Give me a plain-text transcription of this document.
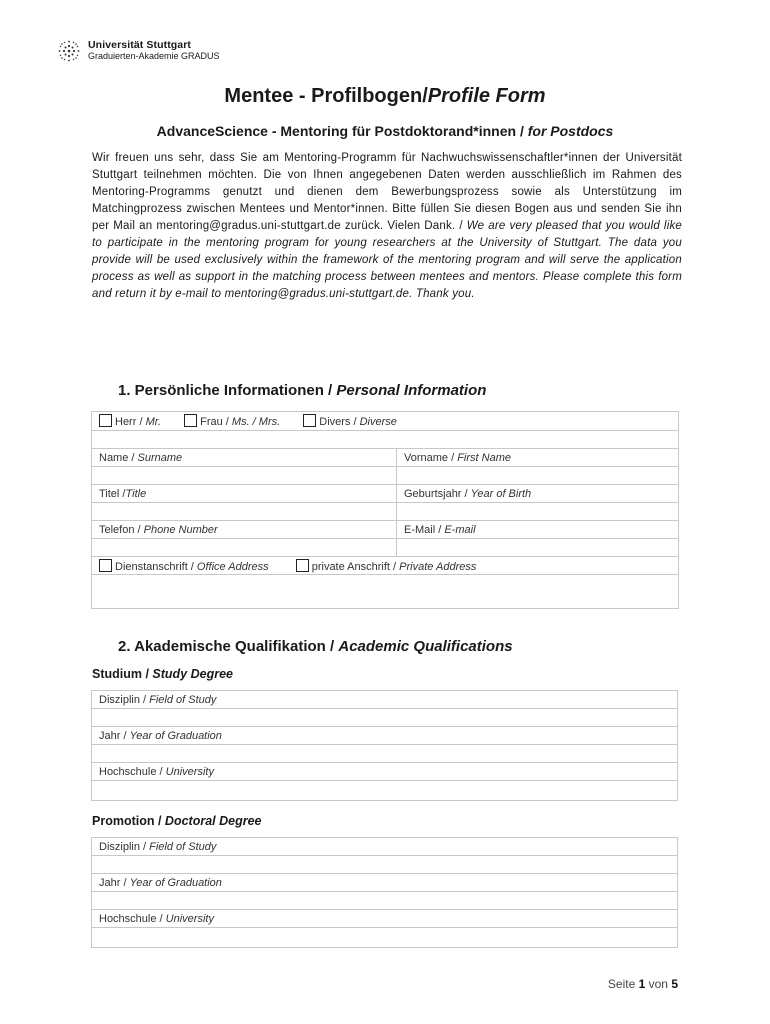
Universität Stuttgart
Graduierten-Akademie GRADUS
Mentee - Profilbogen/Profile Form
AdvanceScience - Mentoring für Postdoktorand*innen / for Postdocs
Wir freuen uns sehr, dass Sie am Mentoring-Programm für Nachwuchswissenschaftler*innen der Universität Stuttgart teilnehmen möchten. Die von Ihnen angegebenen Daten werden ausschließlich im Rahmen des Mentoring-Programms genutzt und dienen dem Bewerbungsprozess sowie als Unterstützung im Matchingprozess zwischen Mentees und Mentor*innen. Bitte füllen Sie diesen Bogen aus und senden Sie ihn per Mail an mentoring@gradus.uni-stuttgart.de zurück. Vielen Dank. / We are very pleased that you would like to participate in the mentoring program for young researchers at the University of Stuttgart. The data you provide will be used exclusively within the framework of the mentoring program and will serve the application process as well as support in the matching process between mentees and mentors. Please complete this form and return it by e-mail to mentoring@gradus.uni-stuttgart.de. Thank you.
1. Persönliche Informationen / Personal Information
Herr / Mr. Frau / Ms. / Mrs. Divers / Diverse	

Name / Surname	Vorname / First Name

Titel /Title	Geburtsjahr / Year of Birth

Telefon / Phone Number	E-Mail / E-mail

Dienstanschrift / Office Address private Anschrift / Private Address	

2. Akademische Qualifikation / Academic Qualifications
Studium / Study Degree
Disziplin / Field of Study

Jahr / Year of Graduation

Hochschule / University

Promotion / Doctoral Degree
Disziplin / Field of Study

Jahr / Year of Graduation

Hochschule / University

Seite 1 von 5
